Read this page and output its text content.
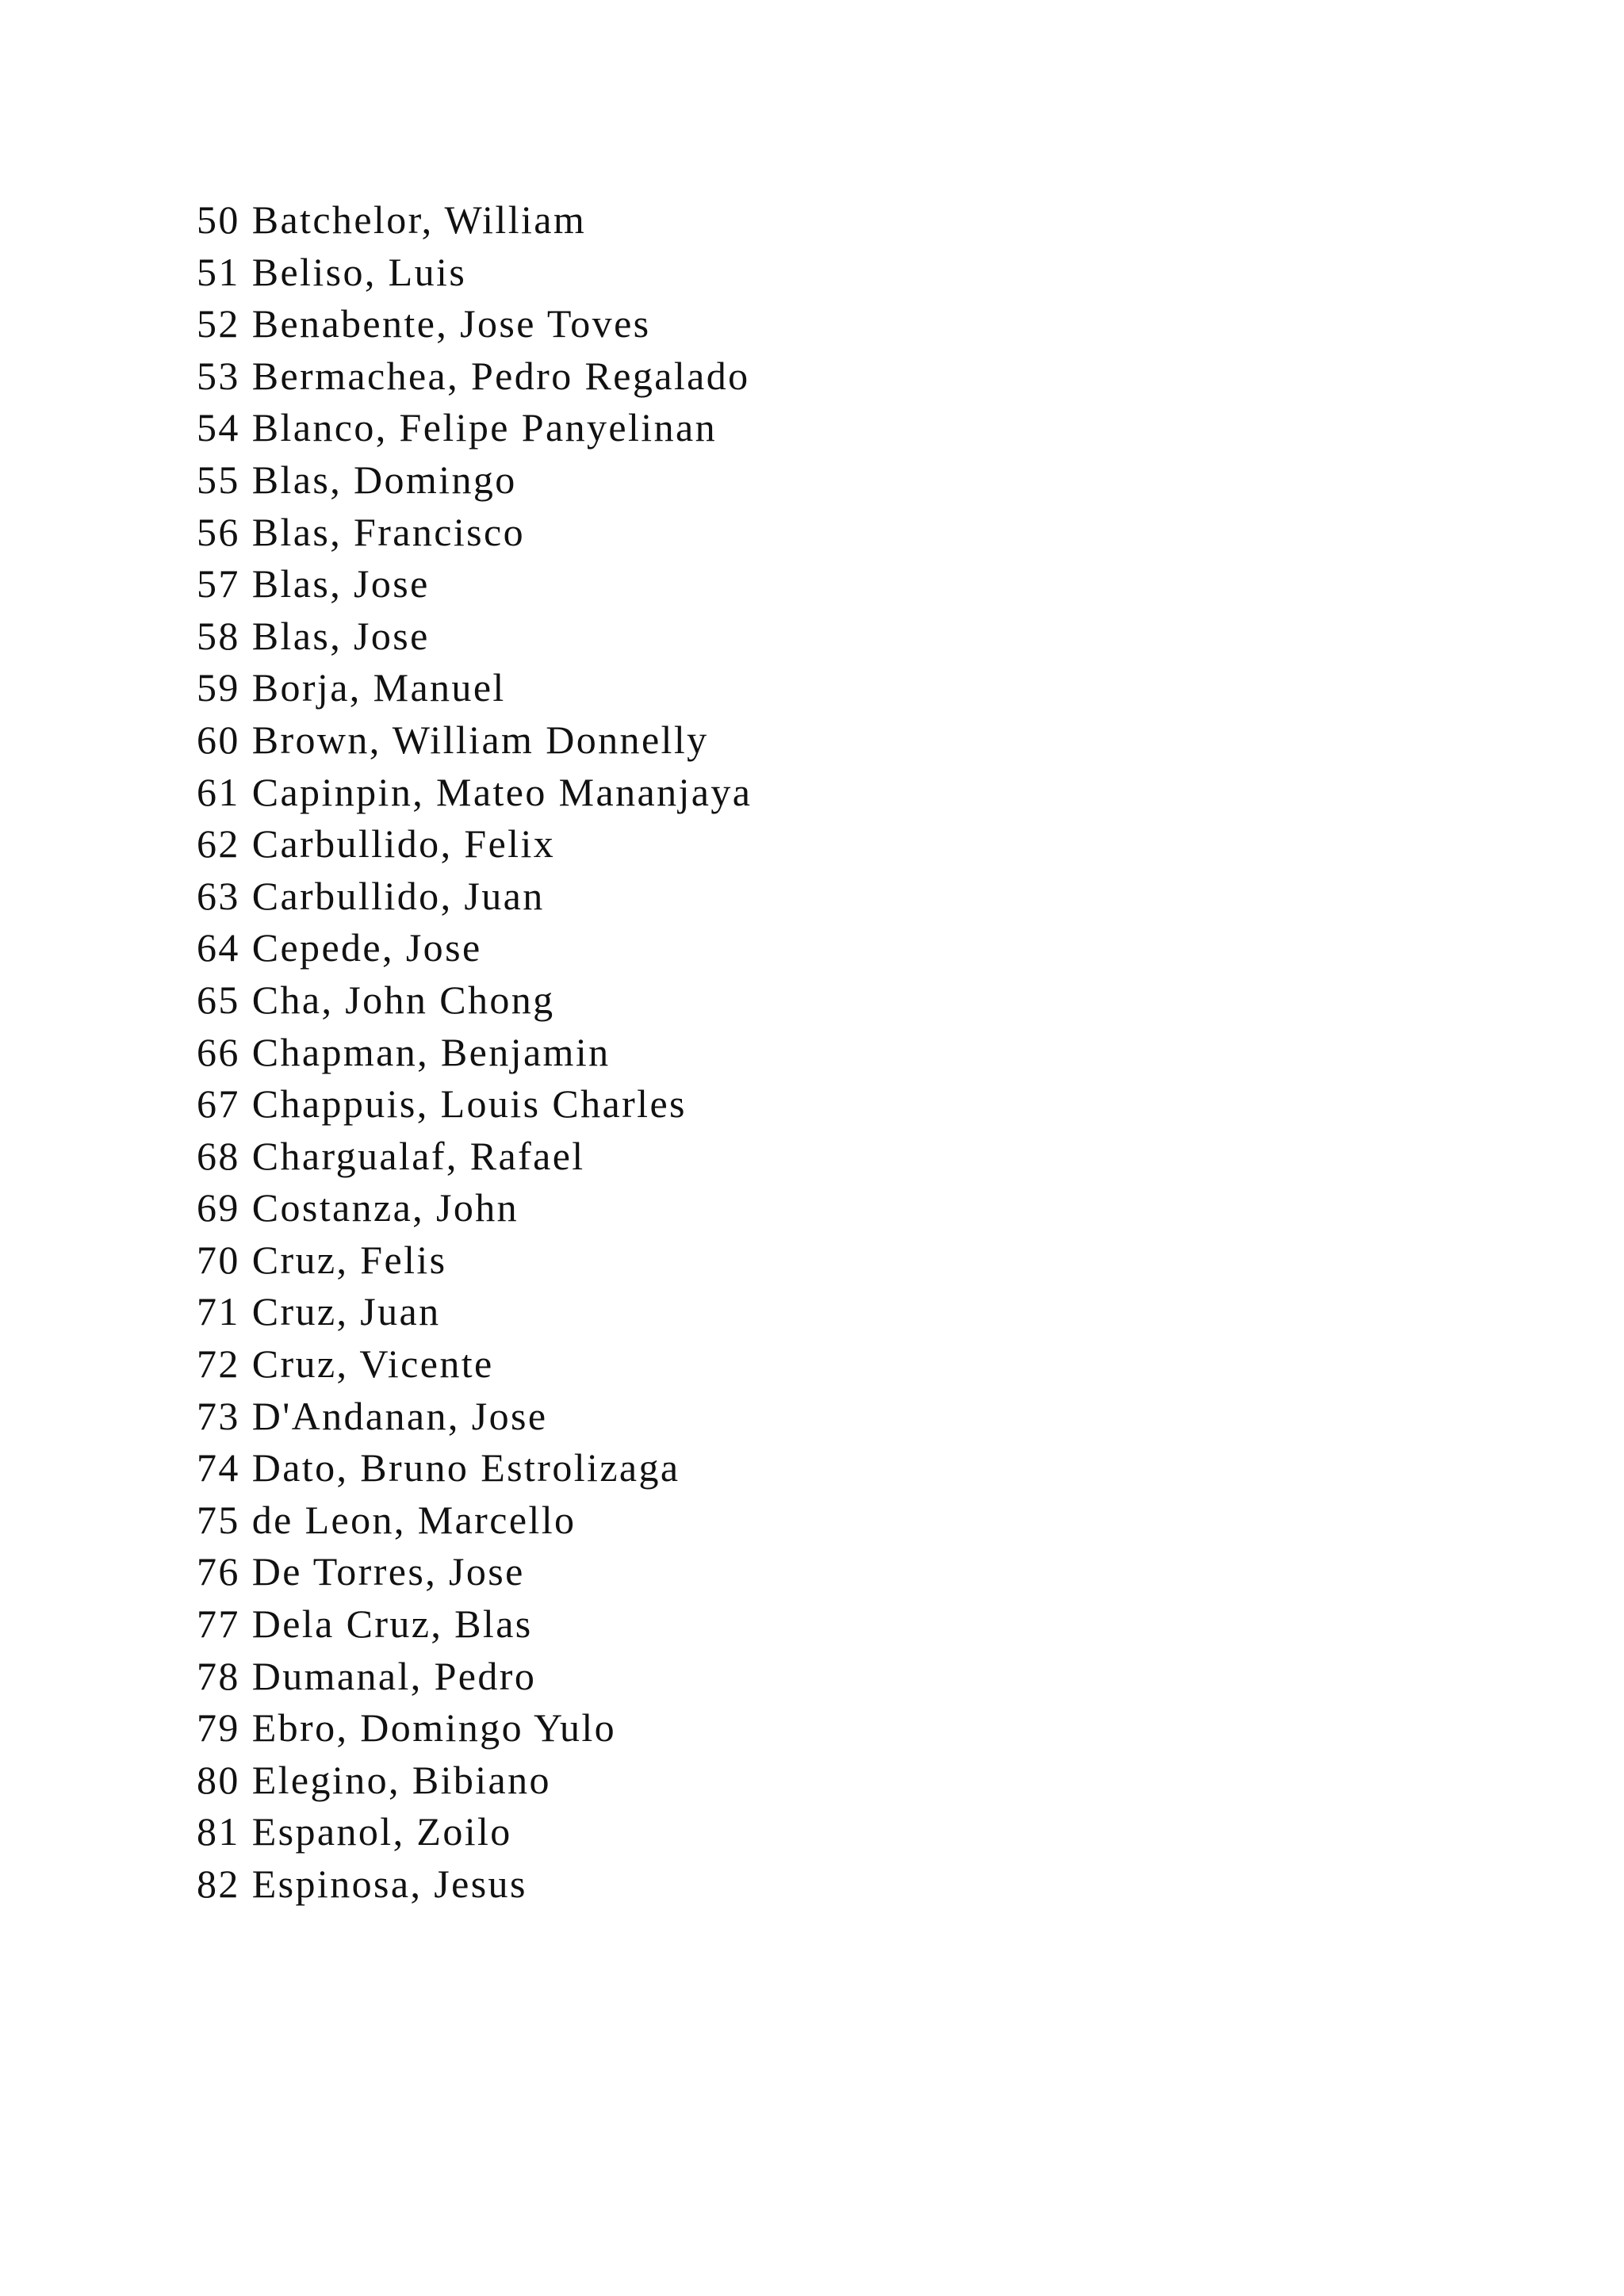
50 Batchelor, William
51 Beliso, Luis
52 Benabente, Jose Toves
53 Bermachea, Pedro Regalado
54 Blanco, Felipe Panyelinan
55 Blas, Domingo
56 Blas, Francisco
57 Blas, Jose
58 Blas, Jose
59 Borja, Manuel
60 Brown, William Donnelly
61 Capinpin, Mateo Mananjaya
62 Carbullido, Felix
63 Carbullido, Juan
64 Cepede, Jose
65 Cha, John Chong
66 Chapman, Benjamin
67 Chappuis, Louis Charles
68 Chargualaf, Rafael
69 Costanza, John
70 Cruz, Felis
71 Cruz, Juan
72 Cruz, Vicente
73 D'Andanan, Jose
74 Dato, Bruno Estrolizaga
75 de Leon, Marcello
76 De Torres, Jose
77 Dela Cruz, Blas
78 Dumanal, Pedro
79 Ebro, Domingo Yulo
80 Elegino, Bibiano
81 Espanol, Zoilo
82 Espinosa, Jesus
